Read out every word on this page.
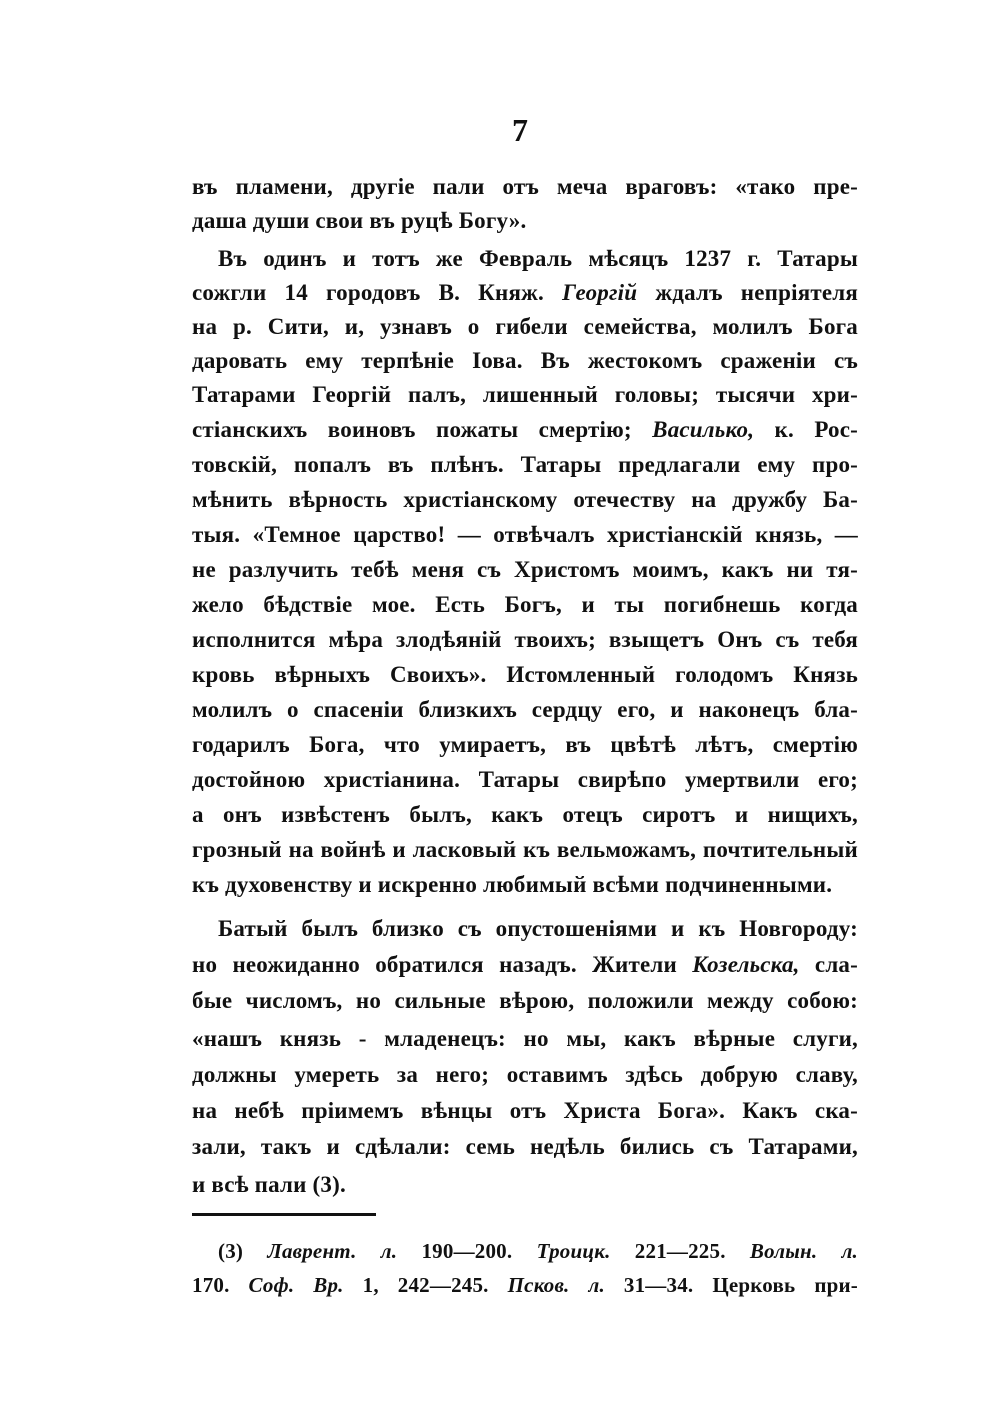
7
въ пламени, другіе пали отъ меча враговъ: «тако пре-
даша души свои въ руцѣ Богу».
Въ одинъ и тотъ же Февраль мѣсяцъ 1237 г. Татары
сожгли 14 городовъ В. Княж. Георгій ждалъ непріятеля
на р. Сити, и, узнавъ о гибели семейства, молилъ Бога
даровать ему терпѣніе Іова. Въ жестокомъ сраженіи съ
Татарами Георгій палъ, лишенный головы; тысячи хри-
стіанскихъ воиновъ пожаты смертію; Василько, к. Рос-
товскій, попалъ въ плѣнъ. Татары предлагали ему про-
мѣнить вѣрность христіанскому отечеству на дружбу Ба-
тыя. «Темное царство! — отвѣчалъ христіанскій князь, —
не разлучить тебѣ меня съ Христомъ моимъ, какъ ни тя-
жело бѣдствіе мое. Есть Богъ, и ты погибнешь когда
исполнится мѣра злодѣяній твоихъ; взыщетъ Онъ съ тебя
кровь вѣрныхъ Своихъ». Истомленный голодомъ Князь
молилъ о спасеніи близкихъ сердцу его, и наконецъ бла-
годарилъ Бога, что умираетъ, въ цвѣтѣ лѣтъ, смертію
достойною христіанина. Татары свирѣпо умертвили его;
а онъ извѣстенъ былъ, какъ отецъ сиротъ и нищихъ,
грозный на войнѣ и ласковый къ вельможамъ, почтительный
къ духовенству и искренно любимый всѣми подчиненными.
Батый былъ близко съ опустошеніями и къ Новгороду:
но неожиданно обратился назадъ. Жители Козельска, сла-
бые числомъ, но сильные вѣрою, положили между собою:
«нашъ князь - младенецъ: но мы, какъ вѣрные слуги,
должны умереть за него; оставимъ здѣсь добрую славу,
на небѣ пріимемъ вѣнцы отъ Христа Бога». Какъ ска-
зали, такъ и сдѣлали: семь недѣль бились съ Татарами,
и всѣ пали (3).
(3) Лаврент. л. 190—200. Троицк. 221—225. Волын. л.
170. Соф. Вр. 1, 242—245. Псков. л. 31—34. Церковь при-
